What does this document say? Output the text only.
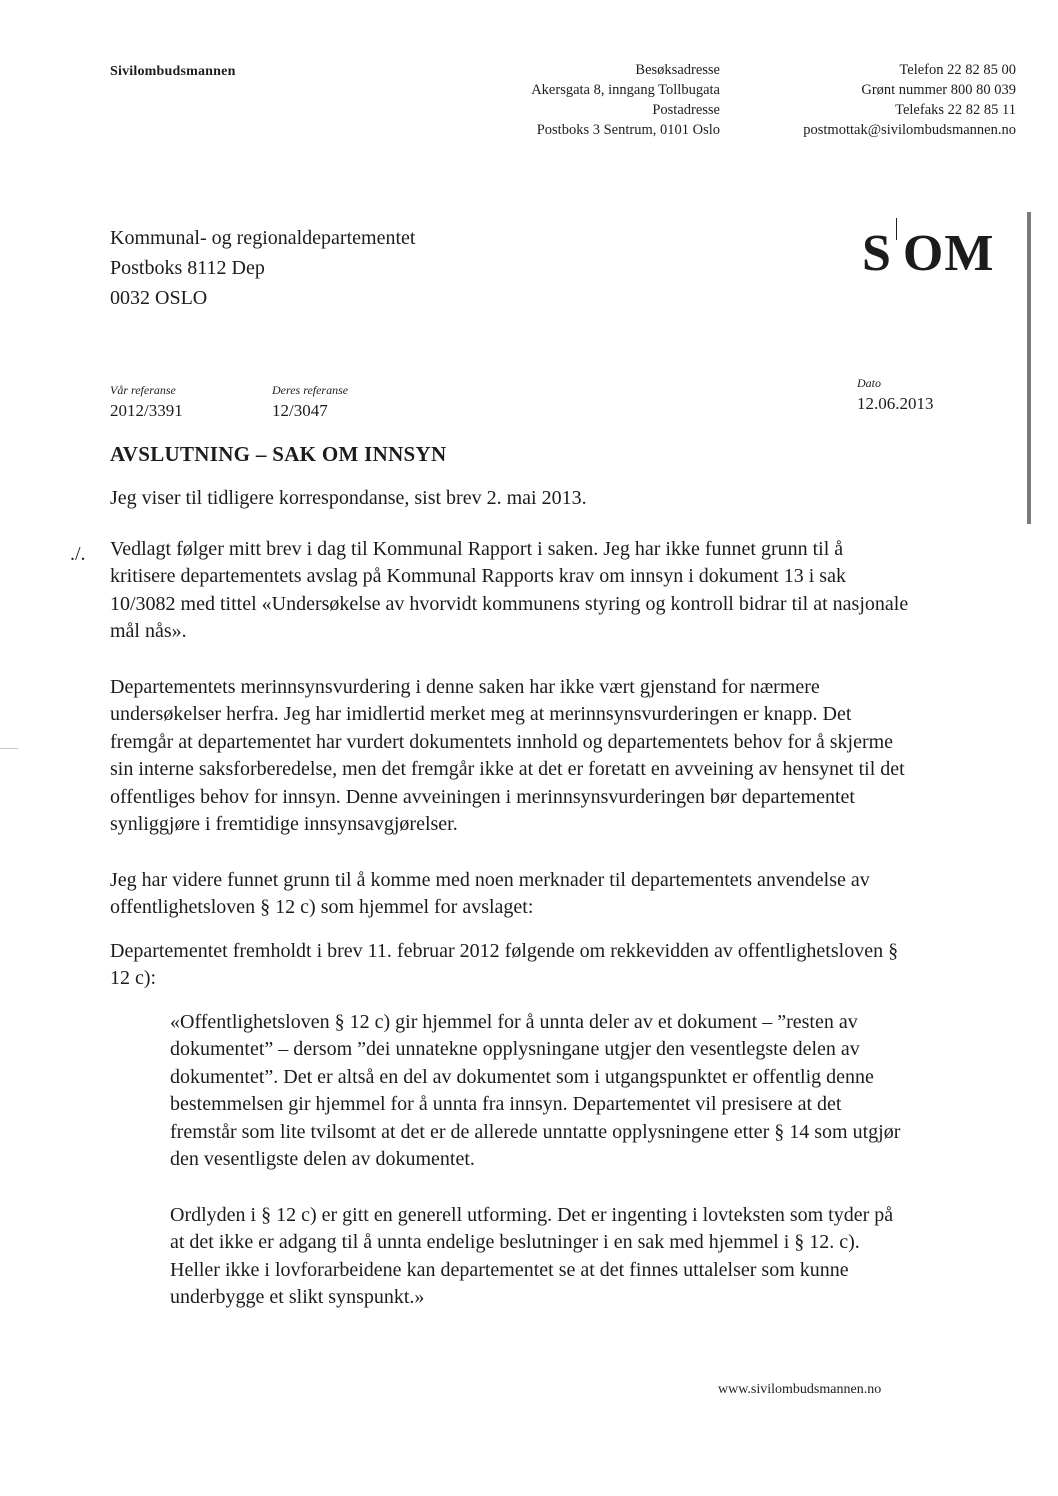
Sivilombudsmannen	Besøksadresse
Akersgata 8, inngang Tollbugata
Postadresse
Postboks 3 Sentrum, 0101 Oslo
Telefon 22 82 85 00
Grønt nummer 800 80 039
Telefaks 22 82 85 11
postmottak@sivilombudsmannen.no
Kommunal- og regionaldepartementet
Postboks 8112 Dep
0032 OSLO
S OM
Vår referanse
2012/3391
Deres referanse
12/3047
Dato
12.06.2013
AVSLUTNING – SAK OM INNSYN
./.

Jeg viser til tidligere korrespondanse, sist brev 2. mai 2013.

Vedlagt følger mitt brev i dag til Kommunal Rapport i saken. Jeg har ikke funnet grunn til å kritisere departementets avslag på Kommunal Rapports krav om innsyn i dokument 13 i sak 10/3082 med tittel «Undersøkelse av hvorvidt kommunens styring og kontroll bidrar til at nasjonale mål nås».

Departementets merinnsynsvurdering i denne saken har ikke vært gjenstand for nærmere undersøkelser herfra. Jeg har imidlertid merket meg at merinnsynsvurderingen er knapp. Det fremgår at departementet har vurdert dokumentets innhold og departementets behov for å skjerme sin interne saksforberedelse, men det fremgår ikke at det er foretatt en avveining av hensynet til det offentliges behov for innsyn. Denne avveiningen i merinnsynsvurderingen bør departementet synliggjøre i fremtidige innsynsavgjørelser.

Jeg har videre funnet grunn til å komme med noen merknader til departementets anvendelse av offentlighetsloven § 12 c) som hjemmel for avslaget:

Departementet fremholdt i brev 11. februar 2012 følgende om rekkevidden av offentlighetsloven § 12 c):

«Offentlighetsloven § 12 c) gir hjemmel for å unnta deler av et dokument – ”resten av dokumentet” – dersom ”dei unnatekne opplysningane utgjer den vesentlegste delen av dokumentet”. Det er altså en del av dokumentet som i utgangspunktet er offentlig denne bestemmelsen gir hjemmel for å unnta fra innsyn. Departementet vil presisere at det fremstår som lite tvilsomt at det er de allerede unntatte opplysningene etter § 14 som utgjør den vesentligste delen av dokumentet.

Ordlyden i § 12 c) er gitt en generell utforming. Det er ingenting i lovteksten som tyder på at det ikke er adgang til å unnta endelige beslutninger i en sak med hjemmel i § 12. c). Heller ikke i lovforarbeidene kan departementet se at det finnes uttalelser som kunne underbygge et slikt synspunkt.»

www.sivilombudsmannen.no
